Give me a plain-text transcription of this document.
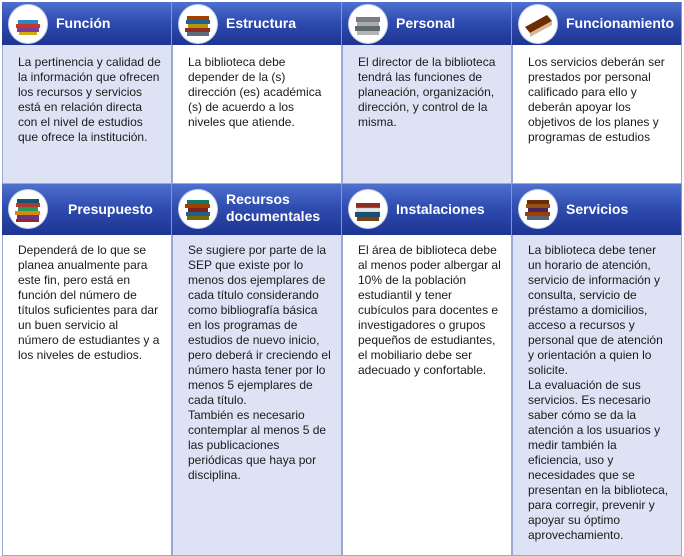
Función
La pertinencia y calidad de la información que ofrecen los recursos y servicios está en relación directa con el nivel de estudios que ofrece la institución.
Estructura
La biblioteca debe depender de la (s) dirección (es) académica (s) de acuerdo a los niveles que atiende.
Personal
El director de la biblioteca tendrá las funciones de planeación, organización, dirección, y control de la misma.
Funcionamiento
Los servicios deberán ser prestados por personal calificado para ello y deberán apoyar los objetivos de los planes y programas de estudios
Presupuesto
Dependerá de lo que se planea anualmente para este fin, pero está en función del número de títulos suficientes para dar un buen servicio al número de estudiantes y a los niveles de estudios.
Recursos documentales
Se sugiere por parte de la SEP que existe por lo menos dos ejemplares de cada título considerando como bibliografía básica en los programas de estudios de nuevo inicio, pero deberá ir creciendo el número hasta tener por lo menos 5 ejemplares de cada título.
También es necesario contemplar al menos 5 de las publicaciones periódicas que haya por disciplina.
Instalaciones
El área de biblioteca debe al menos poder albergar al 10% de la población estudiantil y tener cubículos para docentes e investigadores o grupos pequeños de estudiantes, el mobiliario debe ser adecuado y confortable.
Servicios
La biblioteca debe tener un horario de atención, servicio de información y consulta, servicio de préstamo a domicilios, acceso a recursos y personal que de atención y orientación a quien lo solicite.
La evaluación de sus servicios. Es necesario saber cómo se da la atención a los usuarios y medir también la eficiencia, uso y necesidades que se presentan en la biblioteca, para corregir, prevenir y apoyar su óptimo aprovechamiento.
